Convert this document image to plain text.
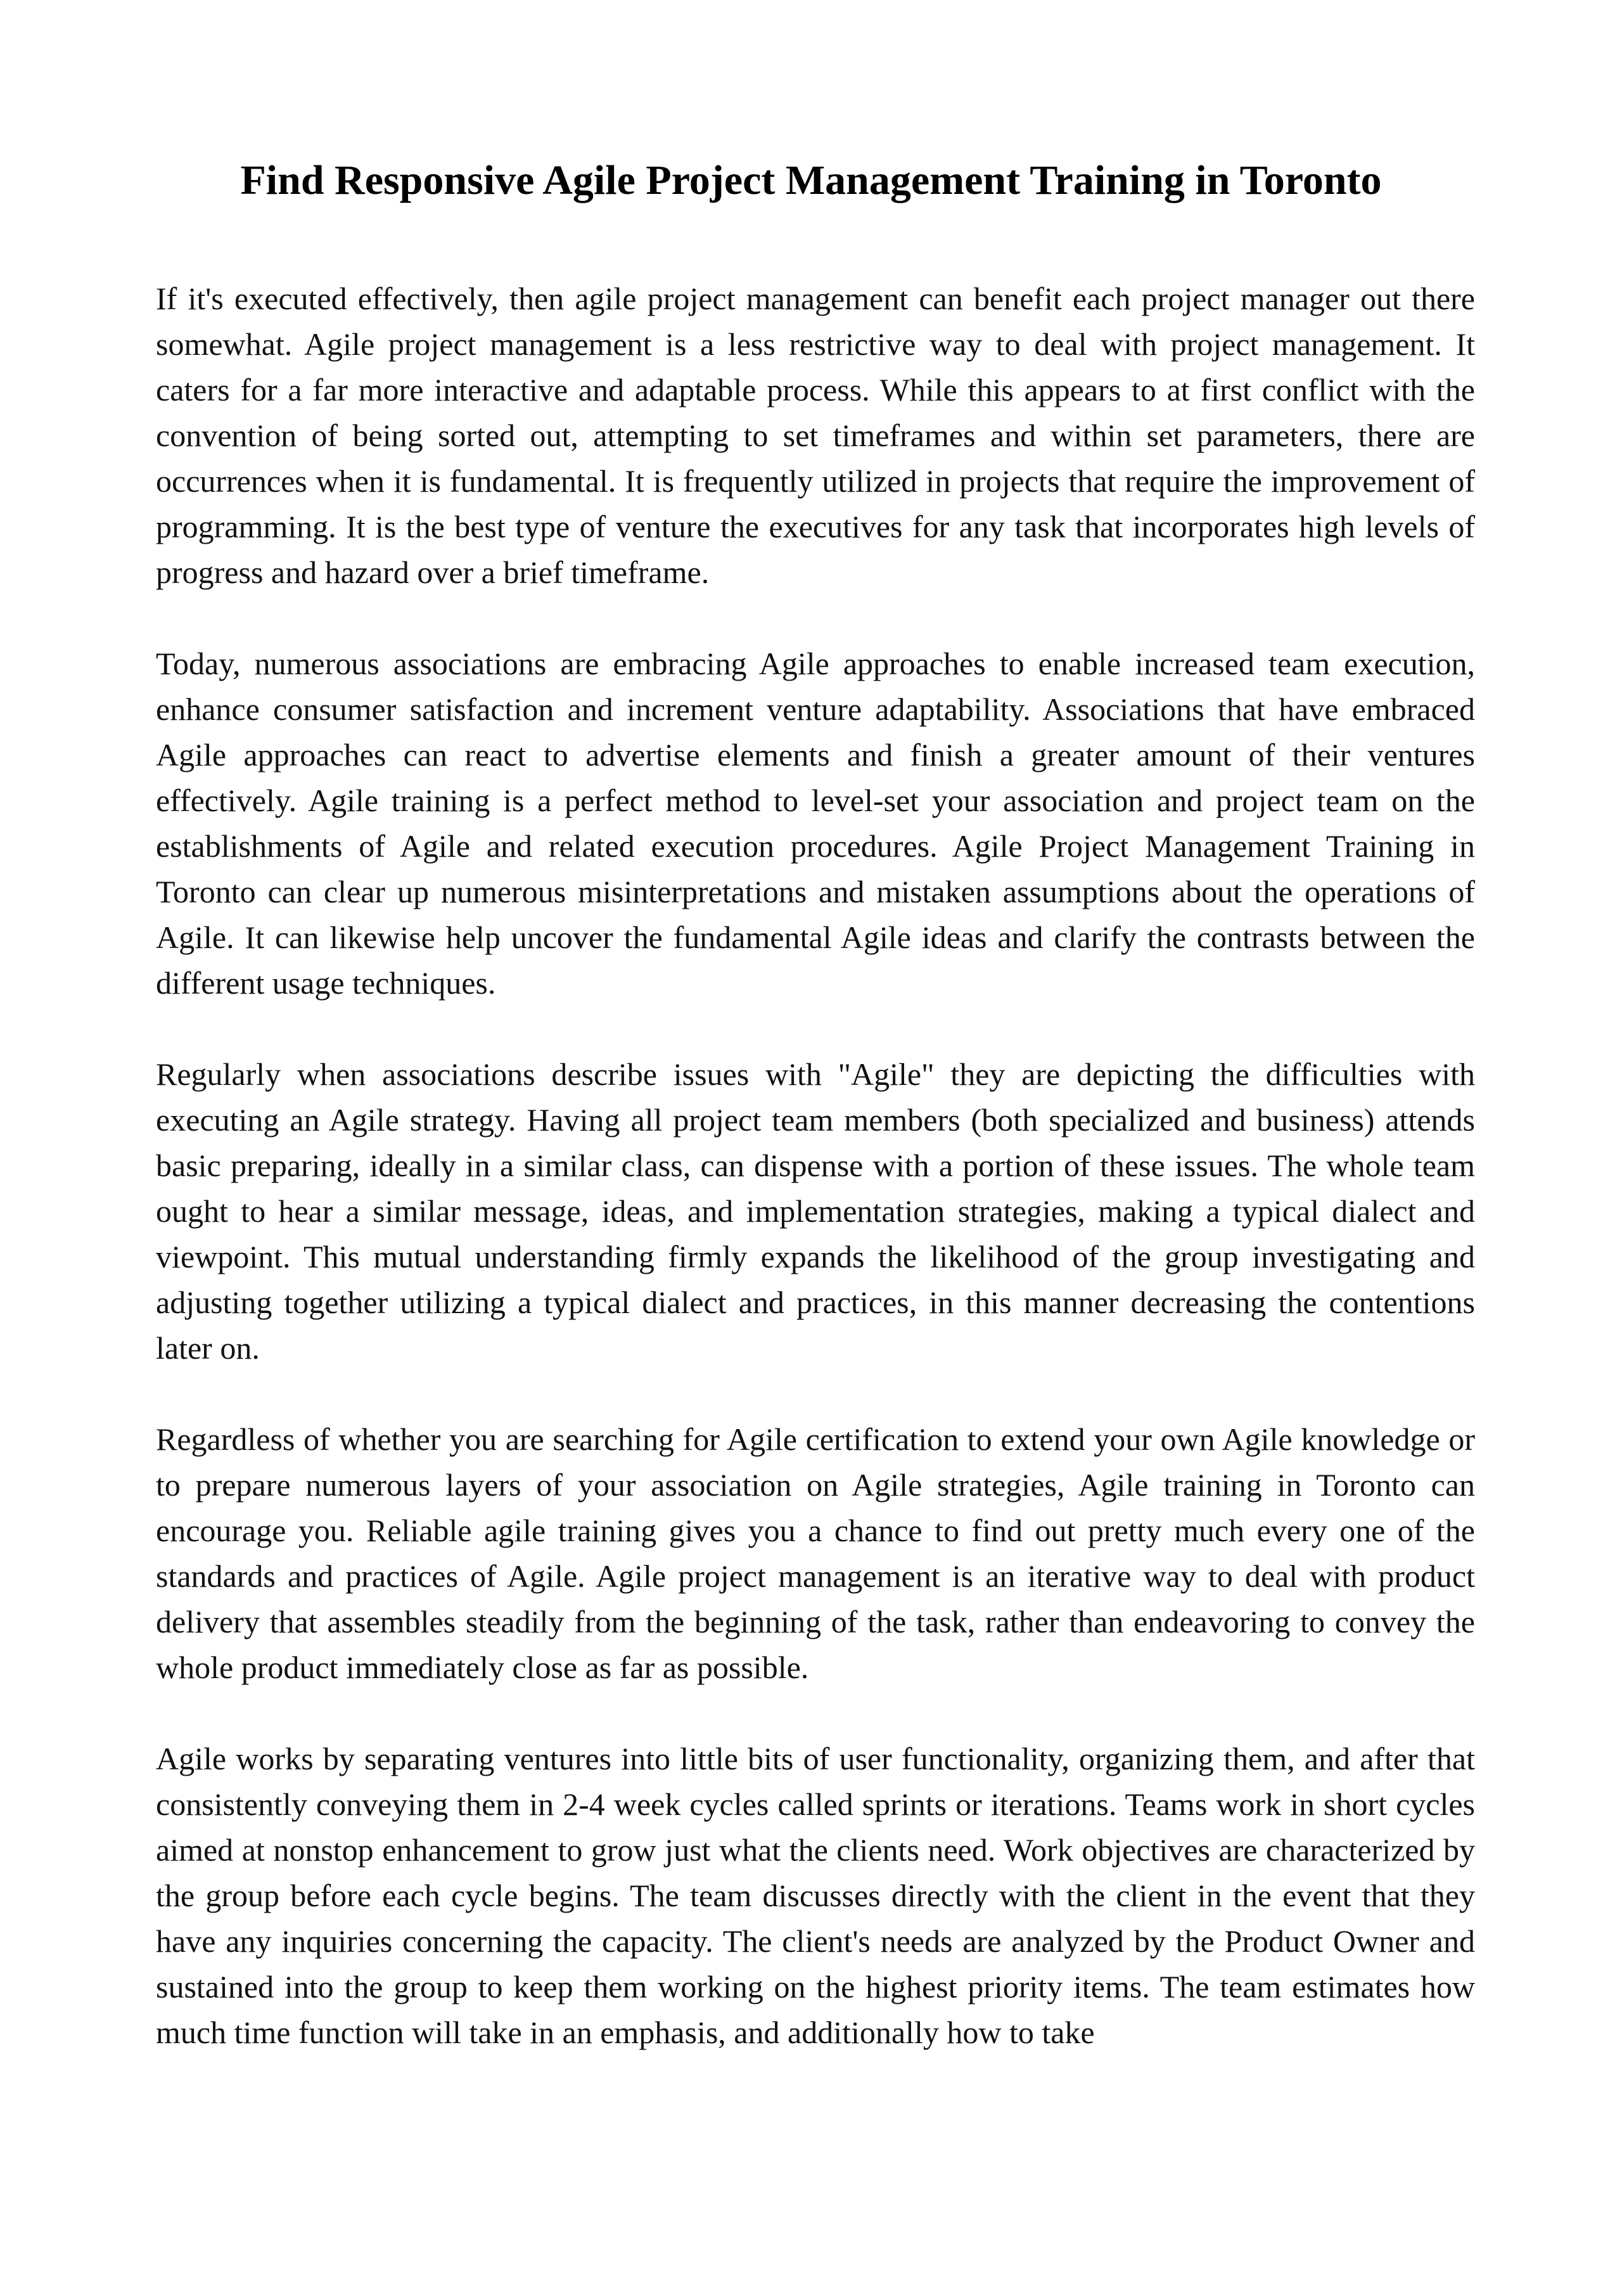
Find Responsive Agile Project Management Training in Toronto

If it's executed effectively, then agile project management can benefit each project manager out there somewhat. Agile project management is a less restrictive way to deal with project management. It caters for a far more interactive and adaptable process. While this appears to at first conflict with the convention of being sorted out, attempting to set timeframes and within set parameters, there are occurrences when it is fundamental. It is frequently utilized in projects that require the improvement of programming. It is the best type of venture the executives for any task that incorporates high levels of progress and hazard over a brief timeframe.

Today, numerous associations are embracing Agile approaches to enable increased team execution, enhance consumer satisfaction and increment venture adaptability. Associations that have embraced Agile approaches can react to advertise elements and finish a greater amount of their ventures effectively. Agile training is a perfect method to level-set your association and project team on the establishments of Agile and related execution procedures. Agile Project Management Training in Toronto can clear up numerous misinterpretations and mistaken assumptions about the operations of Agile. It can likewise help uncover the fundamental Agile ideas and clarify the contrasts between the different usage techniques.

Regularly when associations describe issues with "Agile" they are depicting the difficulties with executing an Agile strategy. Having all project team members (both specialized and business) attends basic preparing, ideally in a similar class, can dispense with a portion of these issues. The whole team ought to hear a similar message, ideas, and implementation strategies, making a typical dialect and viewpoint. This mutual understanding firmly expands the likelihood of the group investigating and adjusting together utilizing a typical dialect and practices, in this manner decreasing the contentions later on.

Regardless of whether you are searching for Agile certification to extend your own Agile knowledge or to prepare numerous layers of your association on Agile strategies, Agile training in Toronto can encourage you. Reliable agile training gives you a chance to find out pretty much every one of the standards and practices of Agile. Agile project management is an iterative way to deal with product delivery that assembles steadily from the beginning of the task, rather than endeavoring to convey the whole product immediately close as far as possible.

Agile works by separating ventures into little bits of user functionality, organizing them, and after that consistently conveying them in 2-4 week cycles called sprints or iterations. Teams work in short cycles aimed at nonstop enhancement to grow just what the clients need. Work objectives are characterized by the group before each cycle begins. The team discusses directly with the client in the event that they have any inquiries concerning the capacity. The client's needs are analyzed by the Product Owner and sustained into the group to keep them working on the highest priority items. The team estimates how much time function will take in an emphasis, and additionally how to take
